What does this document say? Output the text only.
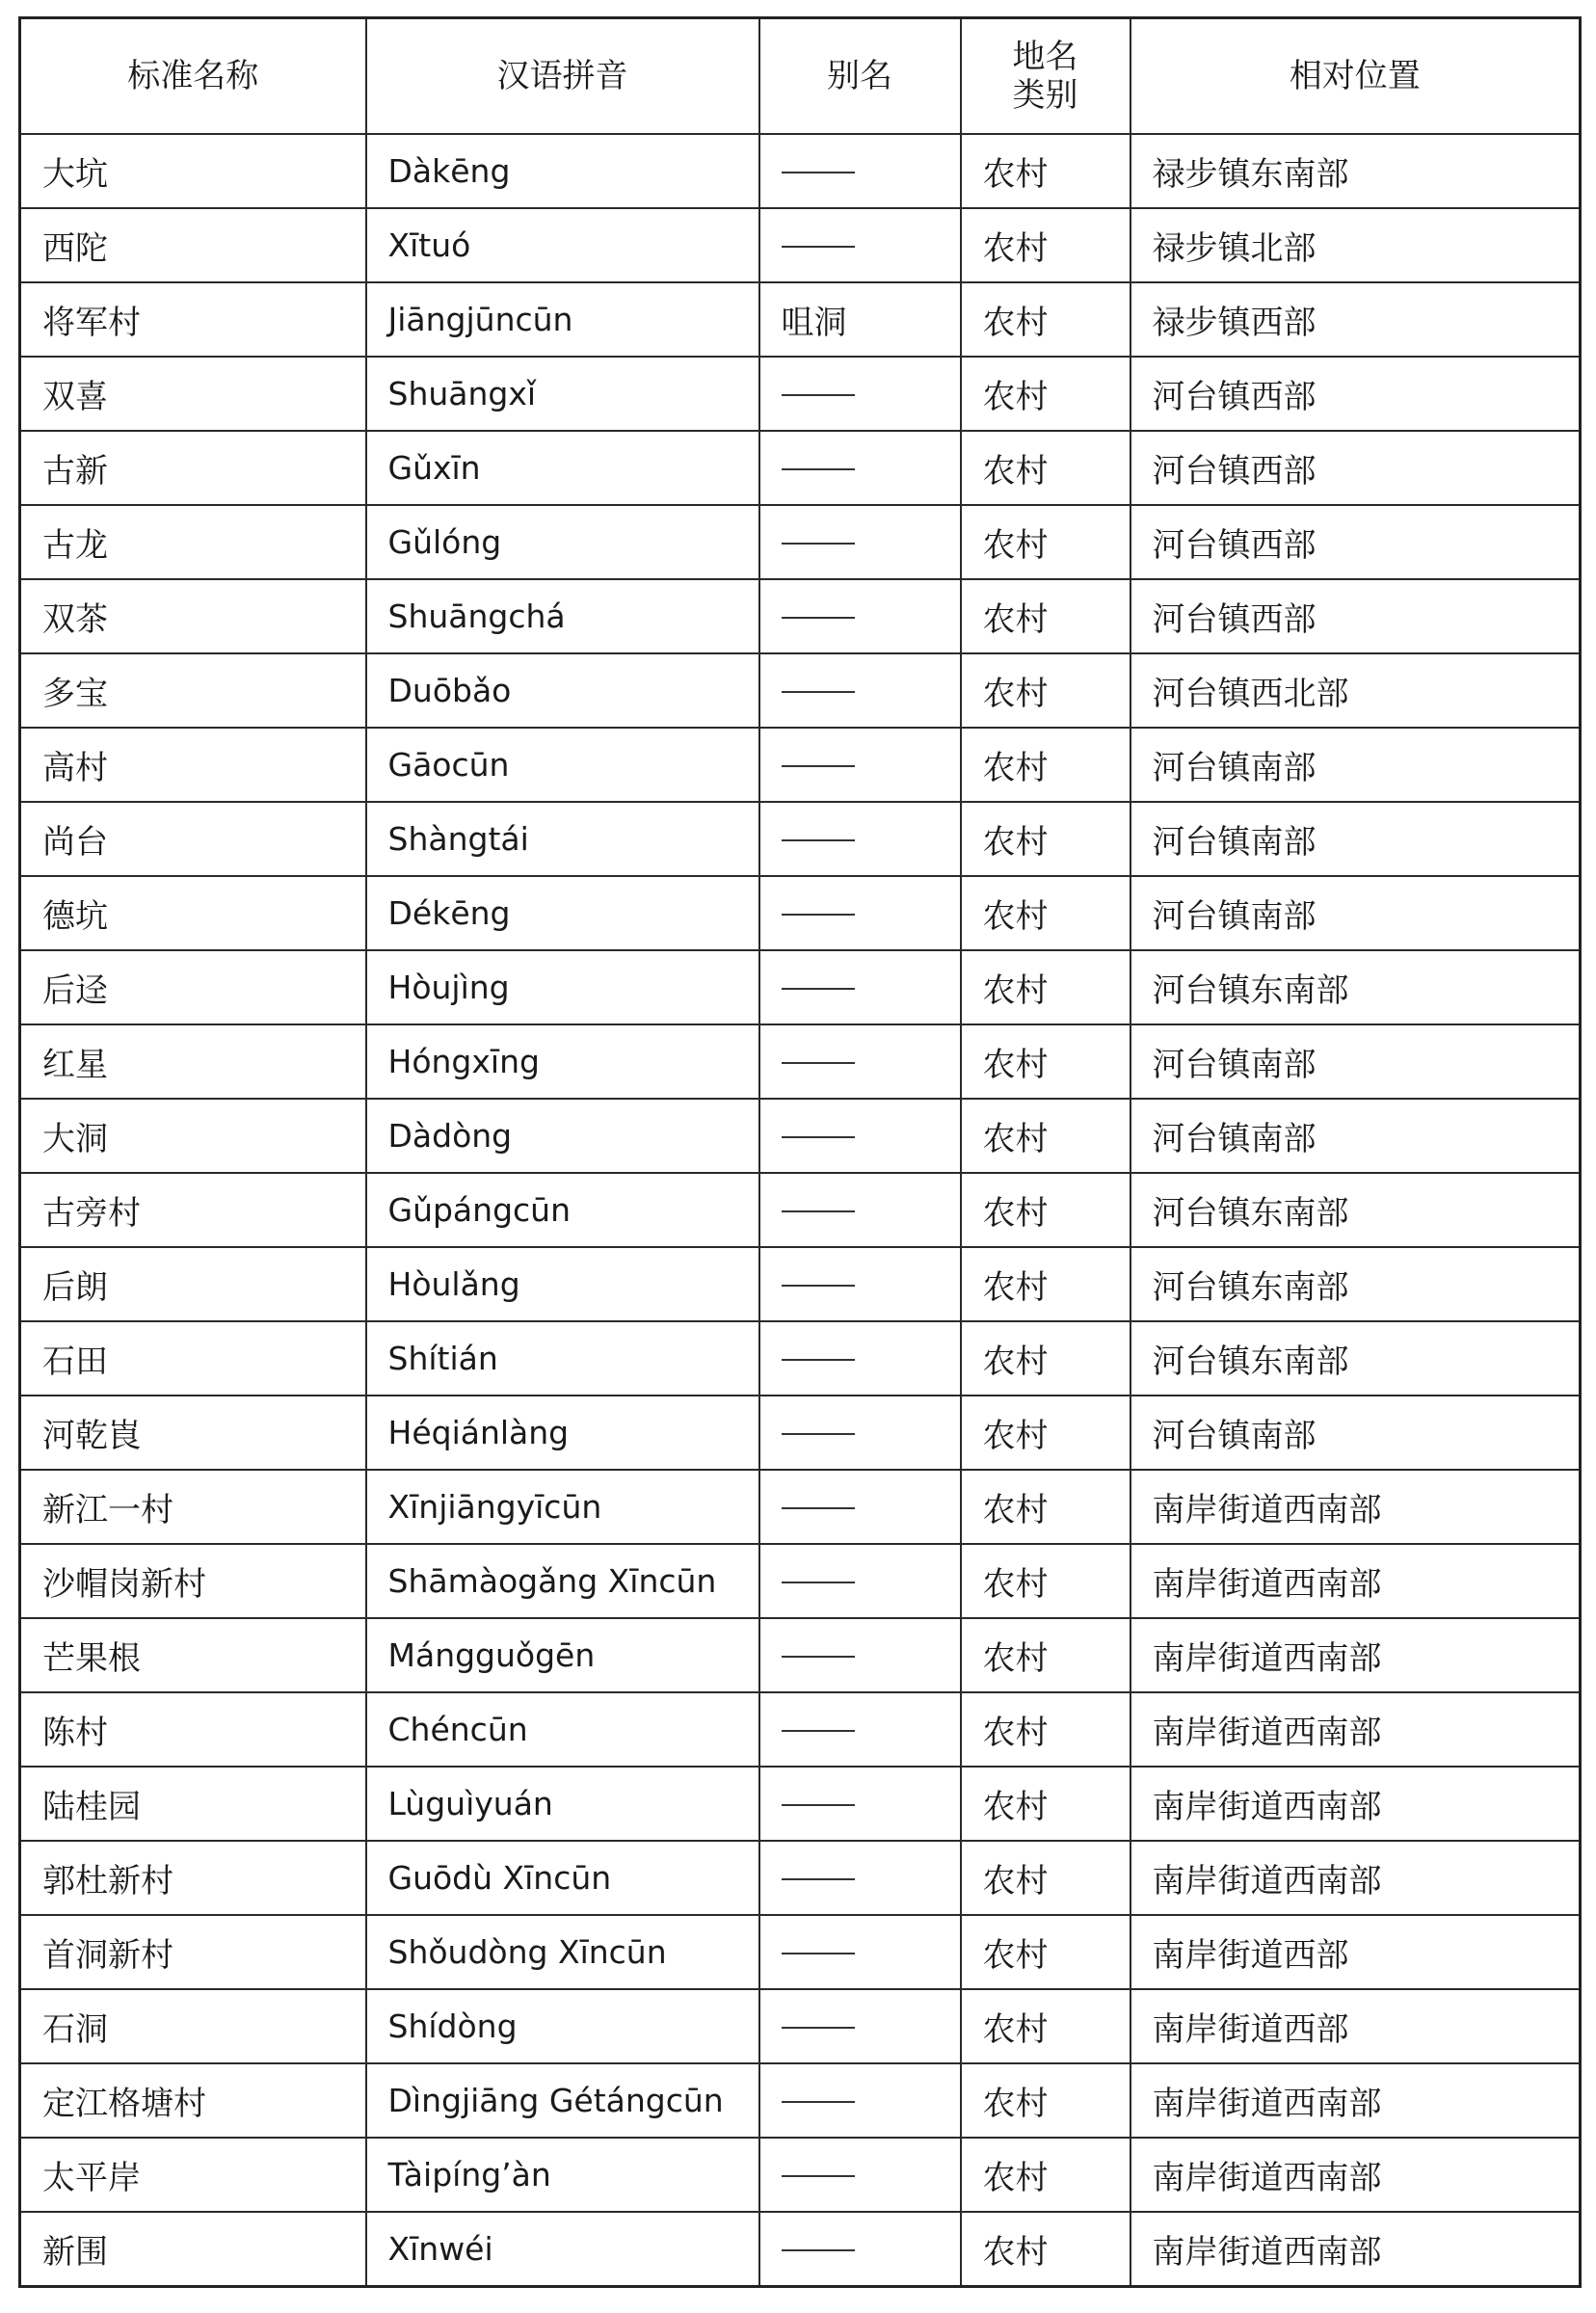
标准名称	汉语拼音	别名	地名类别	相对位置
大坑	Dàkēng		农村	禄步镇东南部
西陀	Xītuó		农村	禄步镇北部
将军村	Jiāngjūncūn	咀洞	农村	禄步镇西部
双喜	Shuāngxǐ		农村	河台镇西部
古新	Gǔxīn		农村	河台镇西部
古龙	Gǔlóng		农村	河台镇西部
双茶	Shuāngchá		农村	河台镇西部
多宝	Duōbǎo		农村	河台镇西北部
高村	Gāocūn		农村	河台镇南部
尚台	Shàngtái		农村	河台镇南部
德坑	Dékēng		农村	河台镇南部
后迳	Hòujìng		农村	河台镇东南部
红星	Hóngxīng		农村	河台镇南部
大洞	Dàdòng		农村	河台镇南部
古旁村	Gǔpángcūn		农村	河台镇东南部
后朗	Hòulǎng		农村	河台镇东南部
石田	Shítián		农村	河台镇东南部
河乾崀	Héqiánlàng		农村	河台镇南部
新江一村	Xīnjiāngyīcūn		农村	南岸街道西南部
沙帽岗新村	Shāmàogǎng Xīncūn		农村	南岸街道西南部
芒果根	Mángguǒgēn		农村	南岸街道西南部
陈村	Chéncūn		农村	南岸街道西南部
陆桂园	Lùguìyuán		农村	南岸街道西南部
郭杜新村	Guōdù Xīncūn		农村	南岸街道西南部
首洞新村	Shǒudòng Xīncūn		农村	南岸街道西部
石洞	Shídòng		农村	南岸街道西部
定江格塘村	Dìngjiāng Gétángcūn		农村	南岸街道西南部
太平岸	Tàipíng’àn		农村	南岸街道西南部
新围	Xīnwéi		农村	南岸街道西南部
